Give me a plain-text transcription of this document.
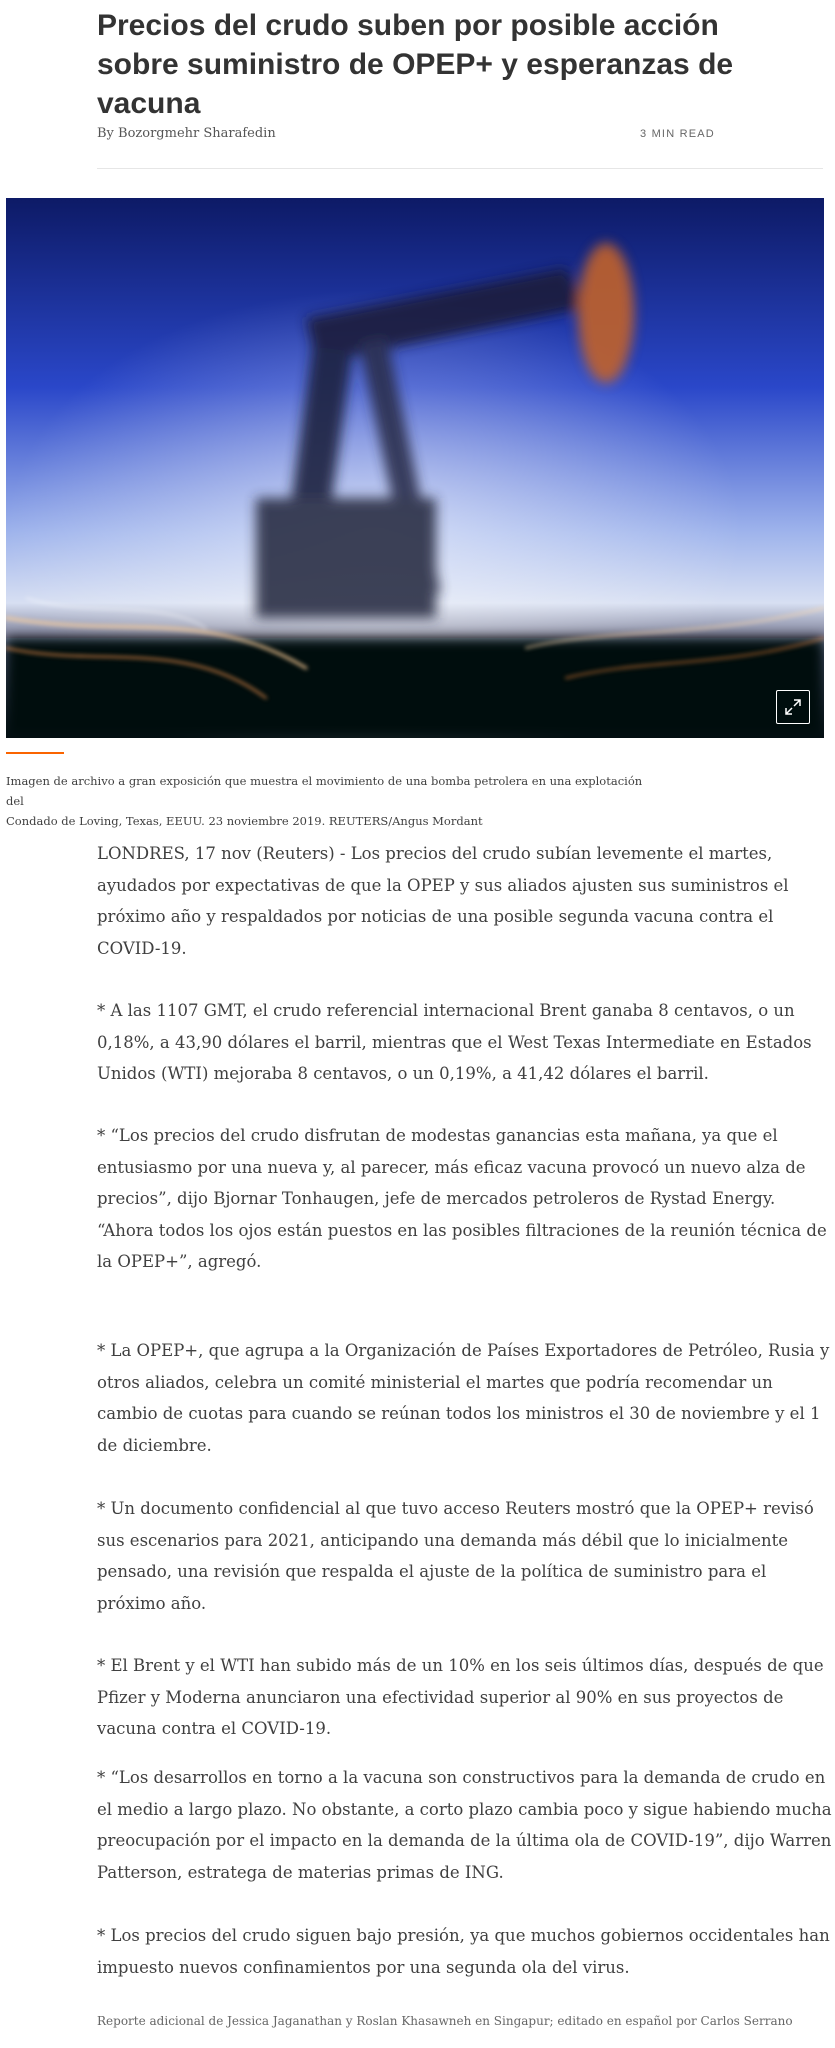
Precios del crudo suben por posible acción sobre suministro de OPEP+ y esperanzas de vacuna
By Bozorgmehr Sharafedin	3 MIN READ

Imagen de archivo a gran exposición que muestra el movimiento de una bomba petrolera en una explotación del
Condado de Loving, Texas, EEUU. 23 noviembre 2019. REUTERS/Angus Mordant

LONDRES, 17 nov (Reuters) - Los precios del crudo subían levemente el martes, ayudados por expectativas de que la OPEP y sus aliados ajusten sus suministros el próximo año y respaldados por noticias de una posible segunda vacuna contra el COVID-19.

* A las 1107 GMT, el crudo referencial internacional Brent ganaba 8 centavos, o un 0,18%, a 43,90 dólares el barril, mientras que el West Texas Intermediate en Estados Unidos (WTI) mejoraba 8 centavos, o un 0,19%, a 41,42 dólares el barril.

* “Los precios del crudo disfrutan de modestas ganancias esta mañana, ya que el entusiasmo por una nueva y, al parecer, más eficaz vacuna provocó un nuevo alza de precios”, dijo Bjornar Tonhaugen, jefe de mercados petroleros de Rystad Energy. “Ahora todos los ojos están puestos en las posibles filtraciones de la reunión técnica de la OPEP+”, agregó.

* La OPEP+, que agrupa a la Organización de Países Exportadores de Petróleo, Rusia y otros aliados, celebra un comité ministerial el martes que podría recomendar un cambio de cuotas para cuando se reúnan todos los ministros el 30 de noviembre y el 1 de diciembre.

* Un documento confidencial al que tuvo acceso Reuters mostró que la OPEP+ revisó sus escenarios para 2021, anticipando una demanda más débil que lo inicialmente pensado, una revisión que respalda el ajuste de la política de suministro para el próximo año.

* El Brent y el WTI han subido más de un 10% en los seis últimos días, después de que Pfizer y Moderna anunciaron una efectividad superior al 90% en sus proyectos de vacuna contra el COVID-19.

* “Los desarrollos en torno a la vacuna son constructivos para la demanda de crudo en el medio a largo plazo. No obstante, a corto plazo cambia poco y sigue habiendo mucha preocupación por el impacto en la demanda de la última ola de COVID-19”, dijo Warren Patterson, estratega de materias primas de ING.

* Los precios del crudo siguen bajo presión, ya que muchos gobiernos occidentales han impuesto nuevos confinamientos por una segunda ola del virus.

Reporte adicional de Jessica Jaganathan y Roslan Khasawneh en Singapur; editado en español por Carlos Serrano
